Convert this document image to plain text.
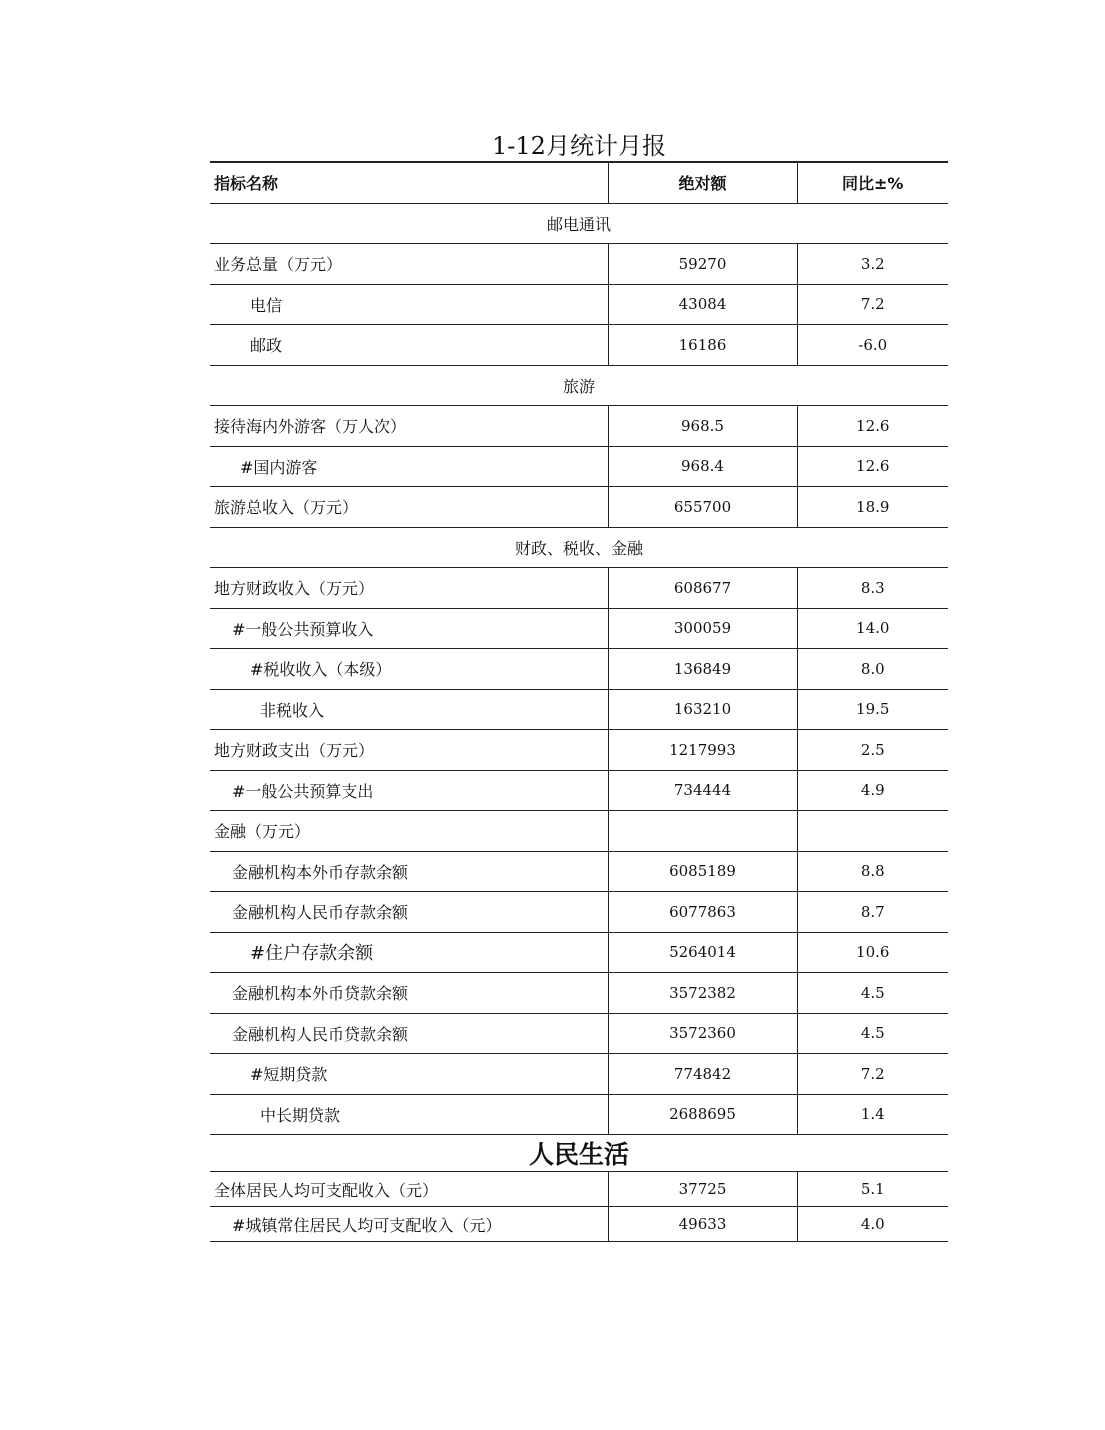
1-12月统计月报
指标名称	绝对额	同比±%
邮电通讯		
业务总量（万元）	59270	3.2
电信	43084	7.2
邮政	16186	-6.0
旅游		
接待海内外游客（万人次）	968.5	12.6
#国内游客	968.4	12.6
旅游总收入（万元）	655700	18.9
财政、税收、金融		
地方财政收入（万元）	608677	8.3
#一般公共预算收入	300059	14.0
#税收收入（本级）	136849	8.0
非税收入	163210	19.5
地方财政支出（万元）	1217993	2.5
#一般公共预算支出	734444	4.9
金融（万元）		
金融机构本外币存款余额	6085189	8.8
金融机构人民币存款余额	6077863	8.7
#住户存款余额	5264014	10.6
金融机构本外币贷款余额	3572382	4.5
金融机构人民币贷款余额	3572360	4.5
#短期贷款	774842	7.2
中长期贷款	2688695	1.4
人民生活		
全体居民人均可支配收入（元）	37725	5.1
#城镇常住居民人均可支配收入（元）	49633	4.0
